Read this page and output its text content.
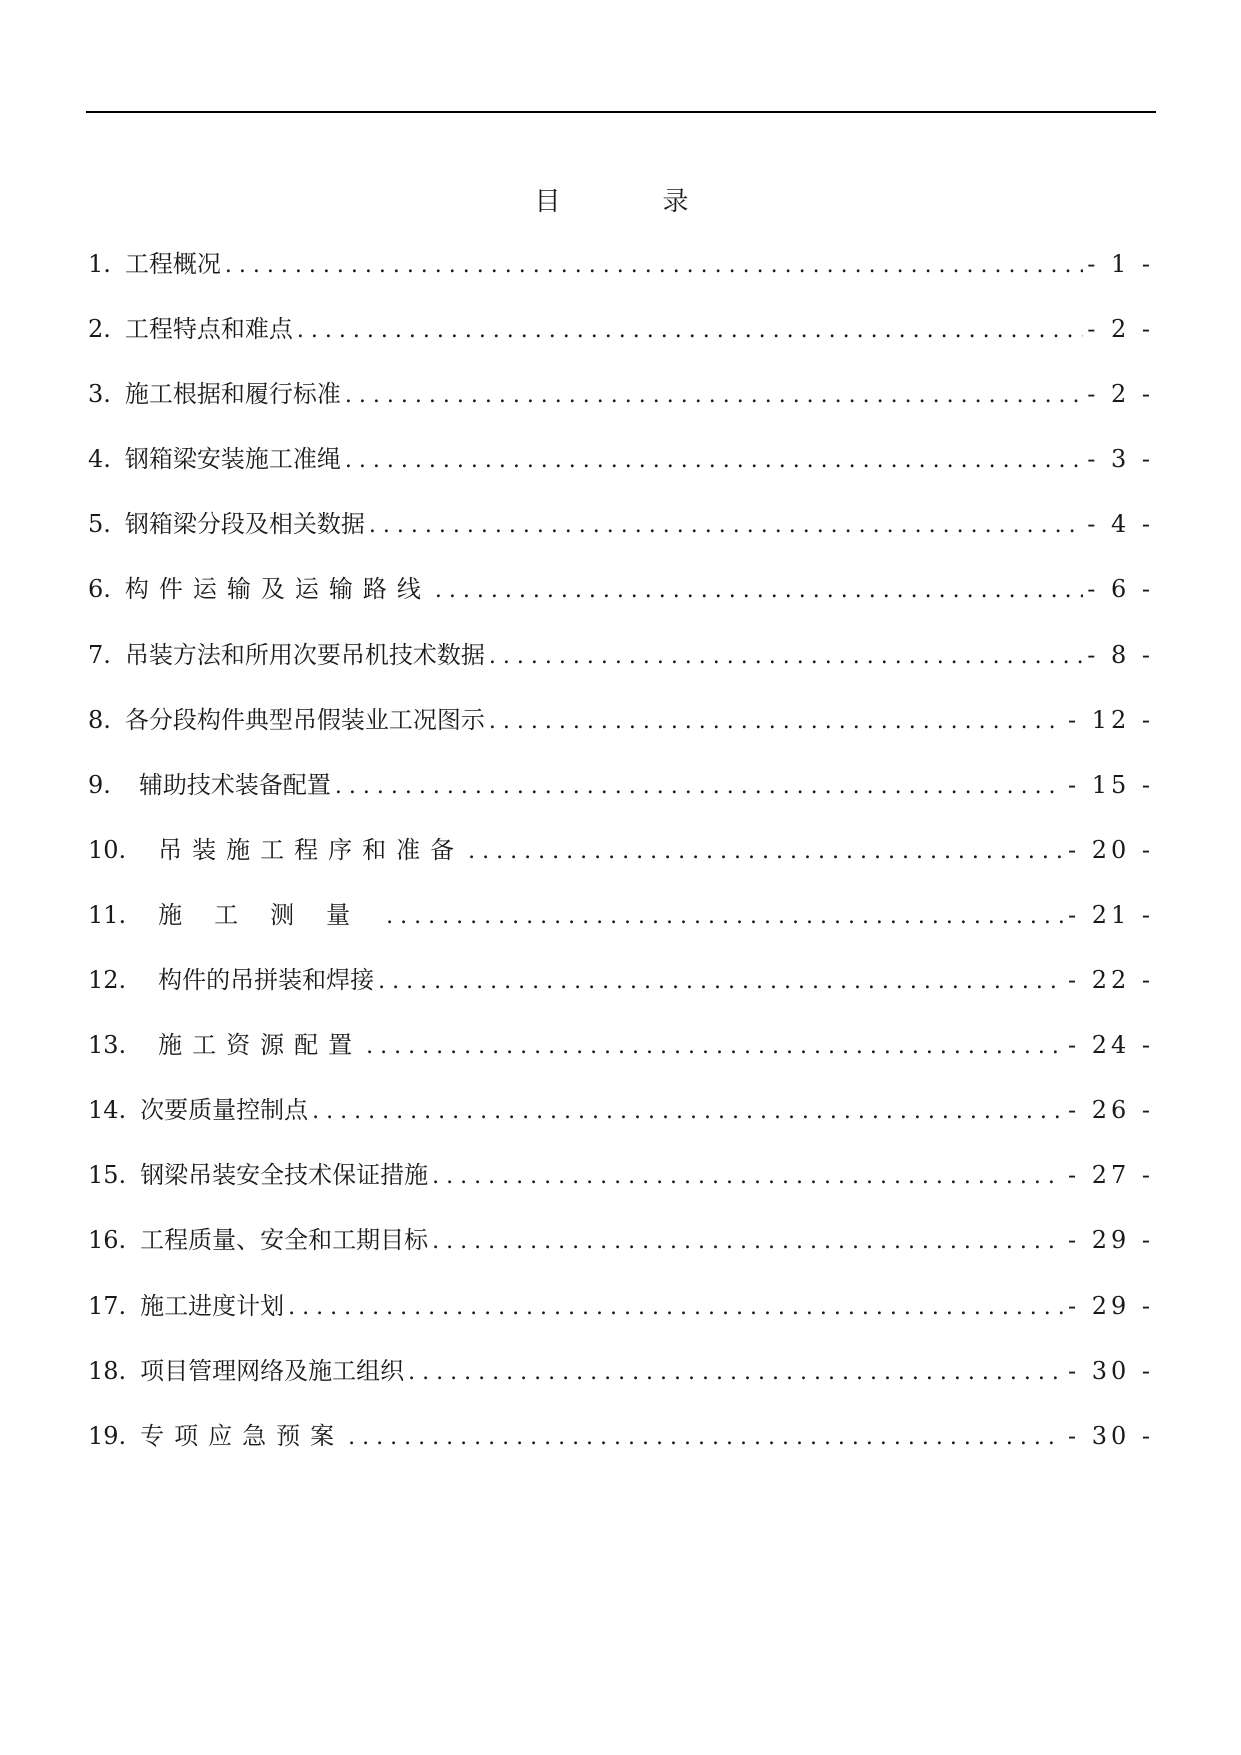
目　录
1. 工程概况 .....	- 1 -
2. 工程特点和难点 .....	- 2 -
3. 施工根据和履行标准 .....	- 2 -
4. 钢箱梁安装施工准绳 .....	- 3 -
5. 钢箱梁分段及相关数据 .....	- 4 -
6. 构件运输及运输路线 .....	- 6 -
7. 吊装方法和所用次要吊机技术数据 .....	- 8 -
8. 各分段构件典型吊假装业工况图示 .....	- 12 -
9. 辅助技术装备配置 .....	- 15 -
10. 吊装施工程序和准备 .....	- 20 -
11. 施工测量 .....	- 21 -
12. 构件的吊拼装和焊接 .....	- 22 -
13. 施工资源配置 .....	- 24 -
14. 次要质量控制点 .....	- 26 -
15. 钢梁吊装安全技术保证措施 .....	- 27 -
16. 工程质量、安全和工期目标 .....	- 29 -
17. 施工进度计划 .....	- 29 -
18. 项目管理网络及施工组织 .....	- 30 -
19. 专项应急预案 .....	- 30 -
